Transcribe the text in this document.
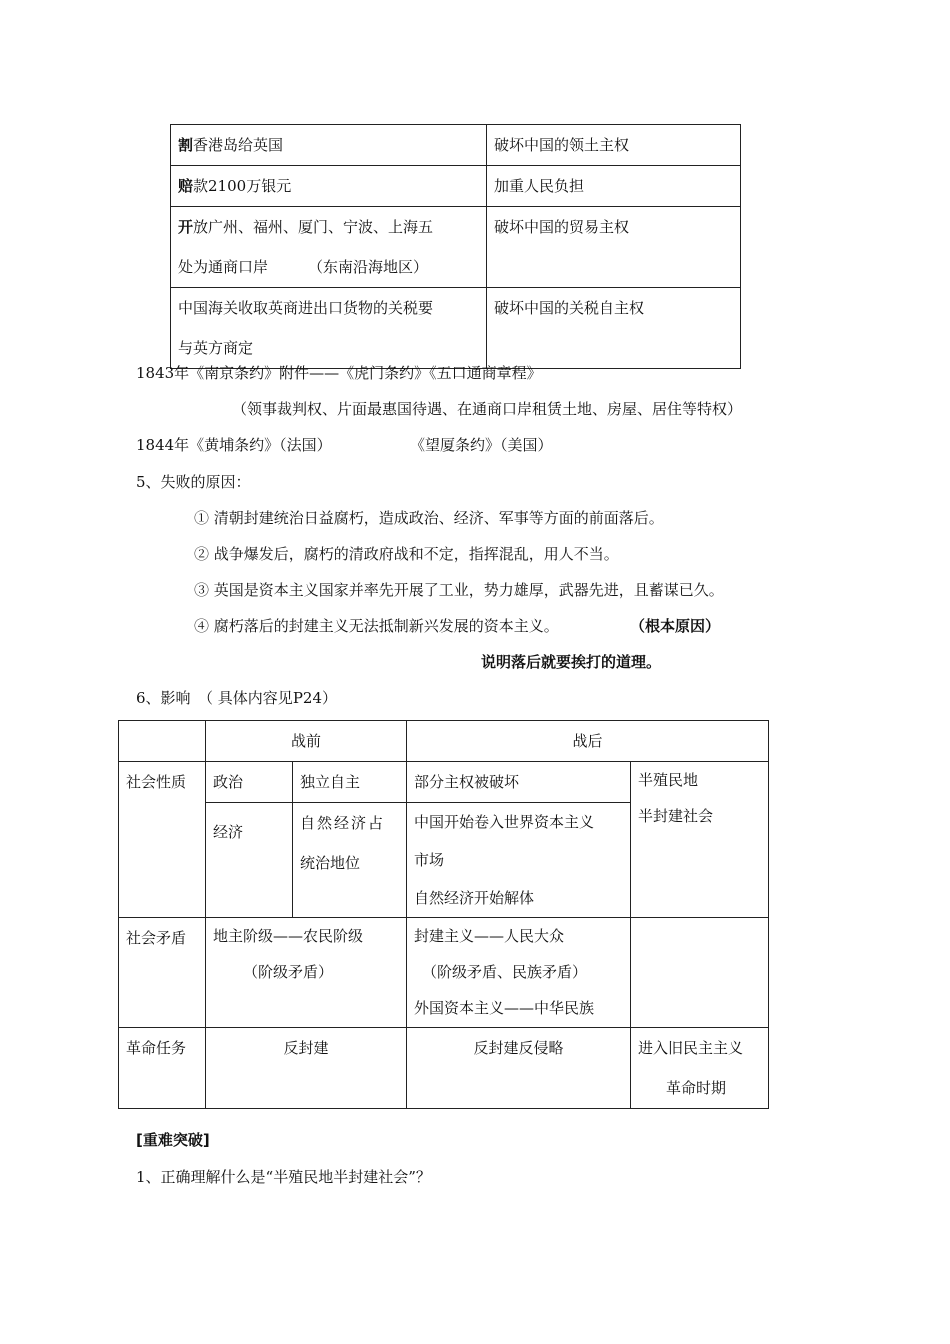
割香港岛给英国	破坏中国的领土主权
赔款2100万银元	加重人民负担
开放广州、福州、厦门、宁波、上海五
处为通商口岸 （东南沿海地区）	破坏中国的贸易主权
中国海关收取英商进出口货物的关税要
与英方商定	破坏中国的关税自主权
1843年《南京条约》附件——《虎门条约》《五口通商章程》
（领事裁判权、片面最惠国待遇、在通商口岸租赁土地、房屋、居住等特权）
1844年《黄埔条约》（法国）	《望厦条约》（美国）
5、失败的原因：
① 清朝封建统治日益腐朽，造成政治、经济、军事等方面的前面落后。
② 战争爆发后，腐朽的清政府战和不定，指挥混乱，用人不当。
③ 英国是资本主义国家并率先开展了工业，势力雄厚，武器先进，且蓄谋已久。
④ 腐朽落后的封建主义无法抵制新兴发展的资本主义。	（根本原因）
说明落后就要挨打的道理。
6、影响　（ 具体内容见P24）
	战前		战后	
社会性质	政治	独立自主	部分主权被破坏	半殖民地
半封建社会
	经济	自然经济占
统治地位	中国开始卷入世界资本主义
市场
自然经济开始解体	
社会矛盾	地主阶级——农民阶级
（阶级矛盾）		封建主义——人民大众
（阶级矛盾、民族矛盾）
外国资本主义——中华民族	
革命任务	反封建		反封建反侵略	进入旧民主主义
革命时期
[重难突破]
1、正确理解什么是“半殖民地半封建社会”？
